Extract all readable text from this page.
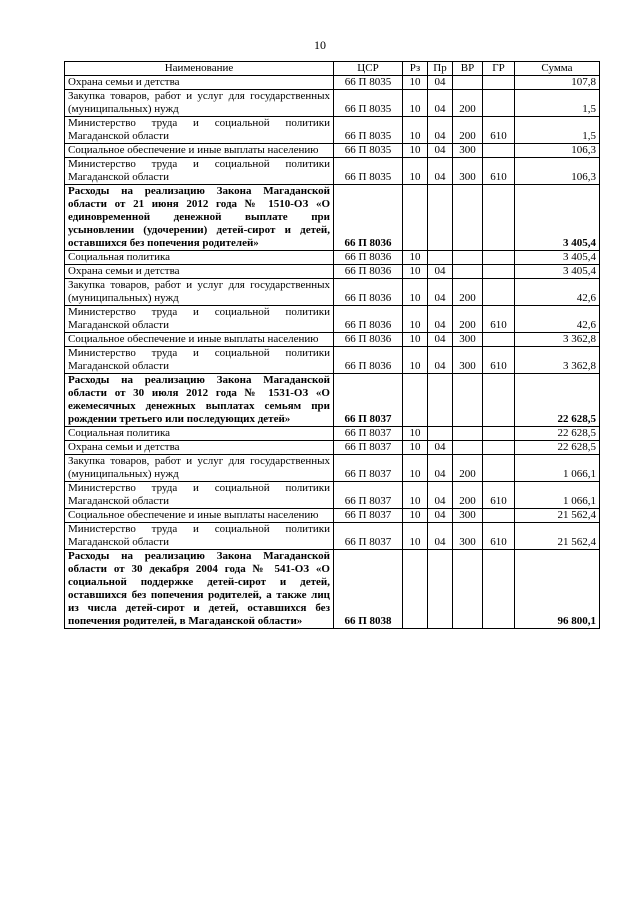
10
Наименование	ЦСР	Рз	Пр	ВР	ГР	Сумма
Охрана семьи и детства	66 П 8035	10	04			107,8
Закупка товаров, работ и услуг для государственных (муниципальных) нужд	66 П 8035	10	04	200		1,5
Министерство труда и социальной политики Магаданской области	66 П 8035	10	04	200	610	1,5
Социальное обеспечение и иные выплаты населению	66 П 8035	10	04	300		106,3
Министерство труда и социальной политики Магаданской области	66 П 8035	10	04	300	610	106,3
Расходы на реализацию Закона Магаданской области от 21 июня 2012 года № 1510-ОЗ «О единовременной денежной выплате при усыновлении (удочерении) детей-сирот и детей, оставшихся без попечения родителей»	66 П 8036					3 405,4
Социальная политика	66 П 8036	10				3 405,4
Охрана семьи и детства	66 П 8036	10	04			3 405,4
Закупка товаров, работ и услуг для государственных (муниципальных) нужд	66 П 8036	10	04	200		42,6
Министерство труда и социальной политики Магаданской области	66 П 8036	10	04	200	610	42,6
Социальное обеспечение и иные выплаты населению	66 П 8036	10	04	300		3 362,8
Министерство труда и социальной политики Магаданской области	66 П 8036	10	04	300	610	3 362,8
Расходы на реализацию Закона Магаданской области от 30 июля 2012 года № 1531-ОЗ «О ежемесячных денежных выплатах семьям при рождении третьего или последующих детей»	66 П 8037					22 628,5
Социальная политика	66 П 8037	10				22 628,5
Охрана семьи и детства	66 П 8037	10	04			22 628,5
Закупка товаров, работ и услуг для государственных (муниципальных) нужд	66 П 8037	10	04	200		1 066,1
Министерство труда и социальной политики Магаданской области	66 П 8037	10	04	200	610	1 066,1
Социальное обеспечение и иные выплаты населению	66 П 8037	10	04	300		21 562,4
Министерство труда и социальной политики Магаданской области	66 П 8037	10	04	300	610	21 562,4
Расходы на реализацию Закона Магаданской области от 30 декабря 2004 года № 541-ОЗ «О социальной поддержке детей-сирот и детей, оставшихся без попечения родителей, а также лиц из числа детей-сирот и детей, оставшихся без попечения родителей, в Магаданской области»	66 П 8038					96 800,1
